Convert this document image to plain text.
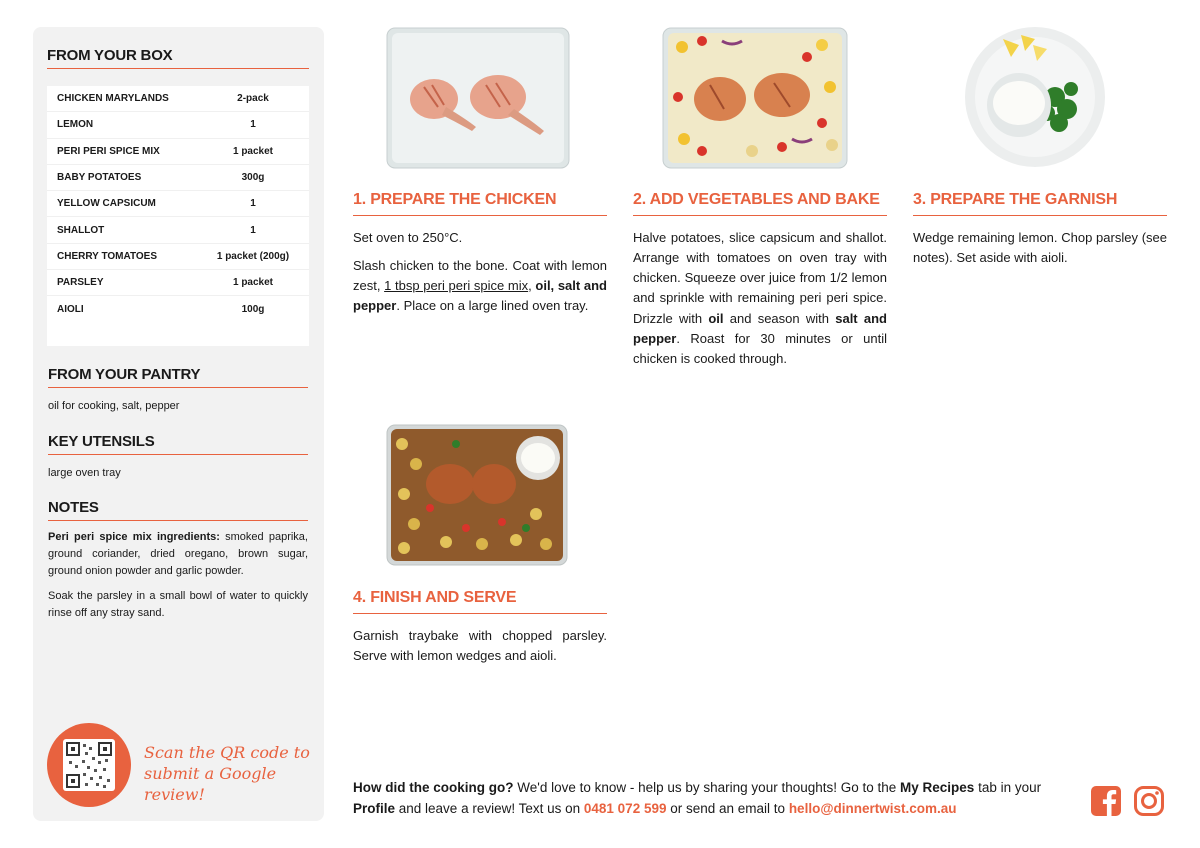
FROM YOUR BOX
CHICKEN MARYLANDS	2-pack
LEMON	1
PERI PERI SPICE MIX	1 packet
BABY POTATOES	300g
YELLOW CAPSICUM	1
SHALLOT	1
CHERRY TOMATOES	1 packet (200g)
PARSLEY	1 packet
AIOLI	100g
FROM YOUR PANTRY
oil for cooking, salt, pepper
KEY UTENSILS
large oven tray
NOTES

Peri peri spice mix ingredients: smoked paprika, ground coriander, dried oregano, brown sugar, ground onion powder and garlic powder.

Soak the parsley in a small bowl of water to quickly rinse off any stray sand.

Scan the QR code to submit a Google review!
1. PREPARE THE CHICKEN

Set oven to 250°C.

Slash chicken to the bone. Coat with lemon zest, 1 tbsp peri peri spice mix, oil, salt and pepper. Place on a large lined oven tray.

2. ADD VEGETABLES AND BAKE

Halve potatoes, slice capsicum and shallot. Arrange with tomatoes on oven tray with chicken. Squeeze over juice from 1/2 lemon and sprinkle with remaining peri peri spice. Drizzle with oil and season with salt and pepper. Roast for 30 minutes or until chicken is cooked through.

3. PREPARE THE GARNISH

Wedge remaining lemon. Chop parsley (see notes). Set aside with aioli.

4. FINISH AND SERVE

Garnish traybake with chopped parsley. Serve with lemon wedges and aioli.

How did the cooking go? We'd love to know - help us by sharing your thoughts! Go to the My Recipes tab in your Profile and leave a review! Text us on 0481 072 599 or send an email to hello@dinnertwist.com.au
